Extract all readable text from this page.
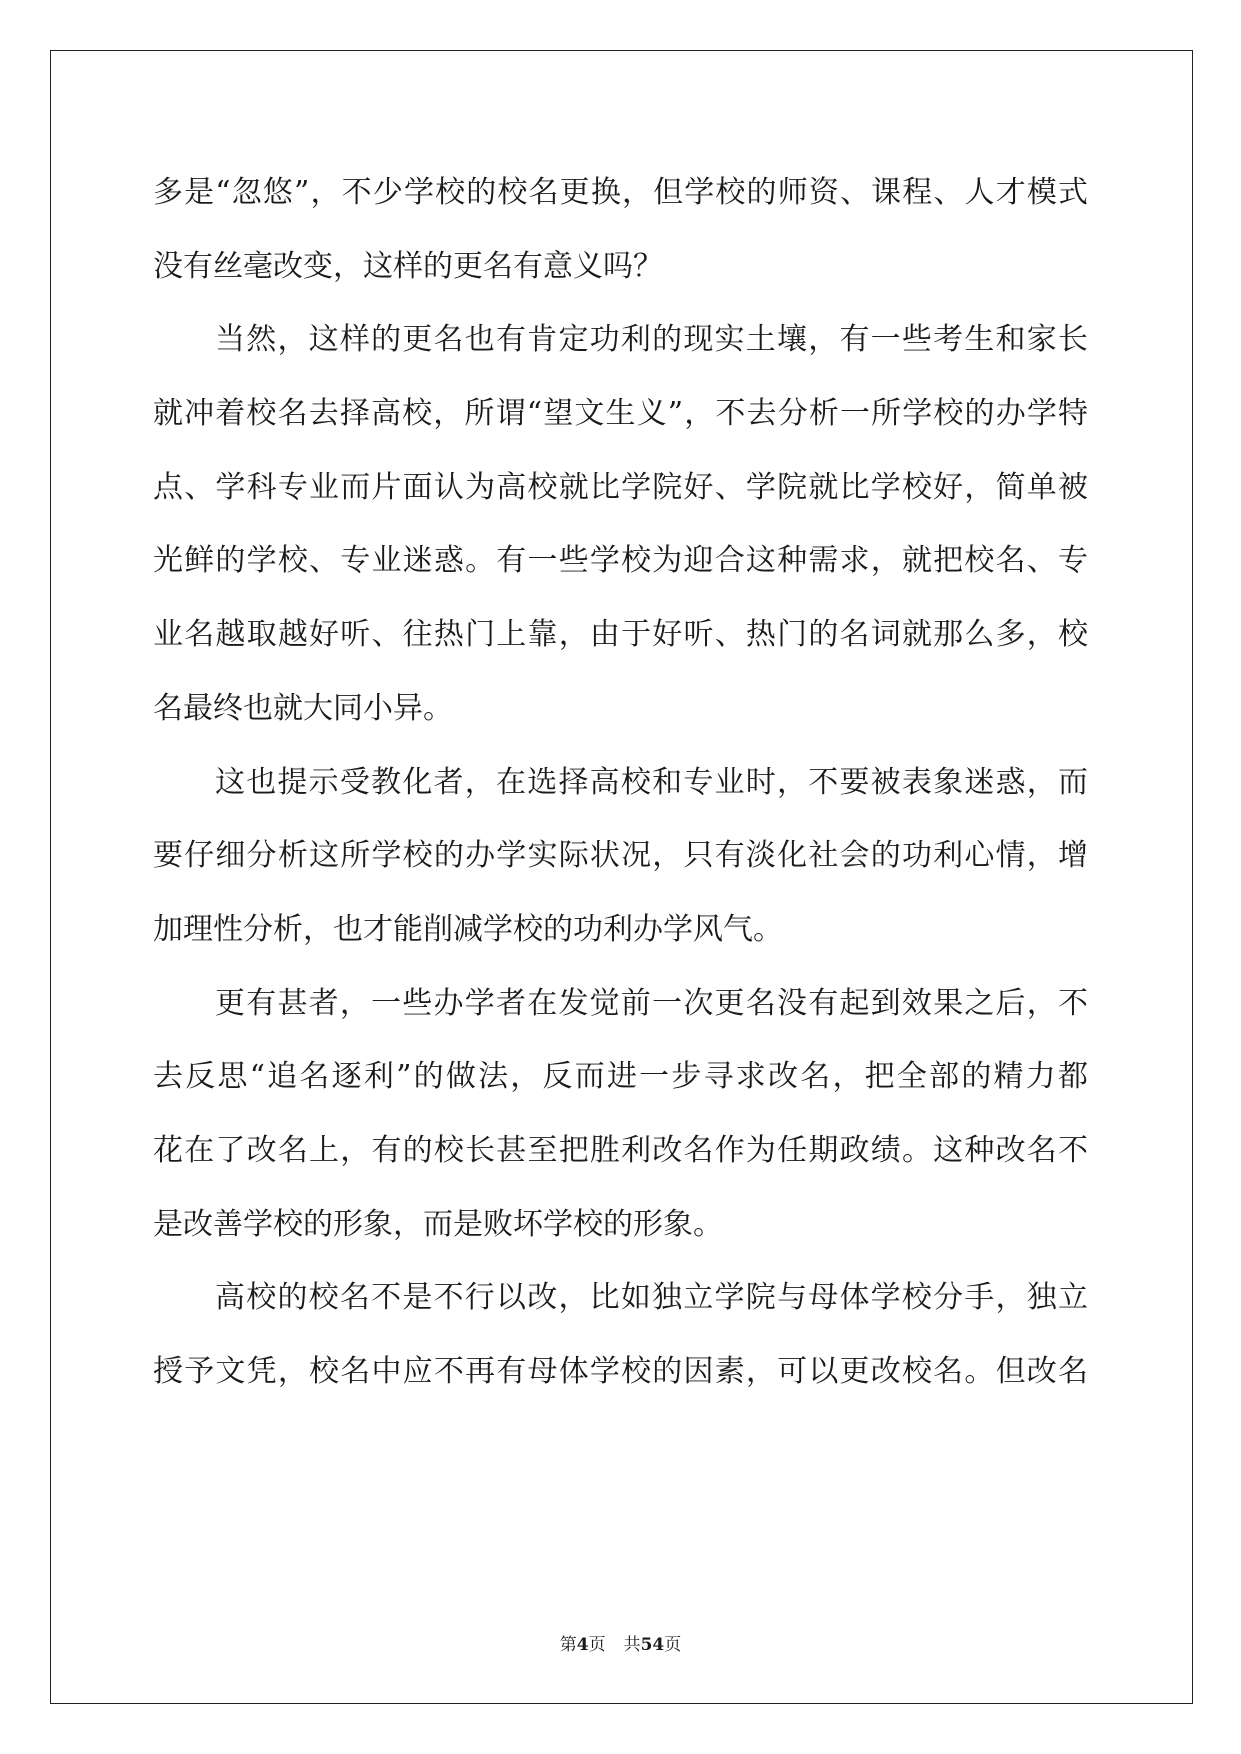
多是“忽悠”，不少学校的校名更换，但学校的师资、课程、人才模式
没有丝毫改变，这样的更名有意义吗？
当然，这样的更名也有肯定功利的现实土壤，有一些考生和家长
就冲着校名去择高校，所谓“望文生义”，不去分析一所学校的办学特
点、学科专业而片面认为高校就比学院好、学院就比学校好，简单被
光鲜的学校、专业迷惑。有一些学校为迎合这种需求，就把校名、专
业名越取越好听、往热门上靠，由于好听、热门的名词就那么多，校
名最终也就大同小异。
这也提示受教化者，在选择高校和专业时，不要被表象迷惑，而
要仔细分析这所学校的办学实际状况，只有淡化社会的功利心情，增
加理性分析，也才能削减学校的功利办学风气。
更有甚者，一些办学者在发觉前一次更名没有起到效果之后，不
去反思“追名逐利”的做法，反而进一步寻求改名，把全部的精力都
花在了改名上，有的校长甚至把胜利改名作为任期政绩。这种改名不
是改善学校的形象，而是败坏学校的形象。
高校的校名不是不行以改，比如独立学院与母体学校分手，独立
授予文凭，校名中应不再有母体学校的因素，可以更改校名。但改名
第4页 共54页
